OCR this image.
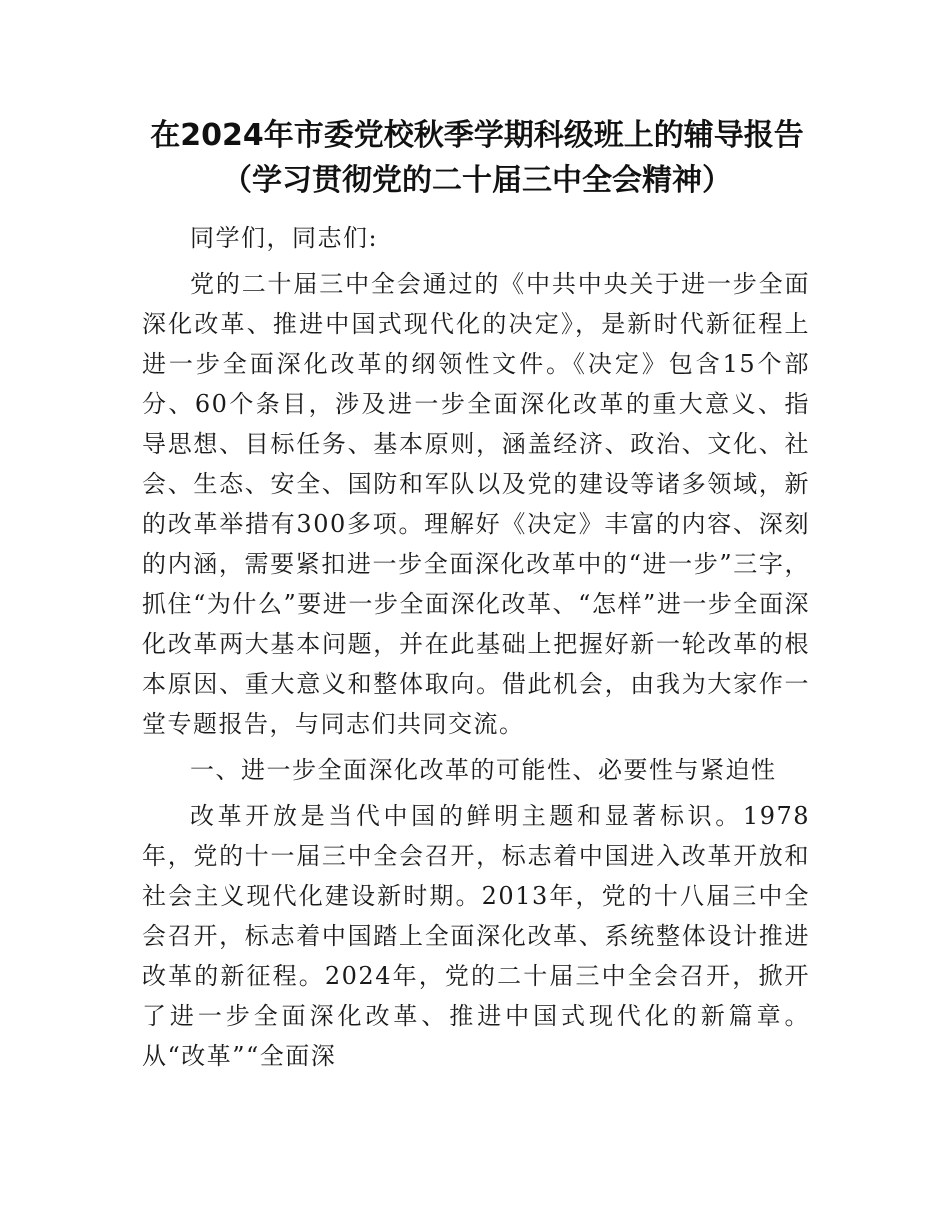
在2024年市委党校秋季学期科级班上的辅导报告（学习贯彻党的二十届三中全会精神）

同学们，同志们:

党的二十届三中全会通过的《中共中央关于进一步全面深化改革、推进中国式现代化的决定》，是新时代新征程上进一步全面深化改革的纲领性文件。《决定》包含15个部分、60个条目，涉及进一步全面深化改革的重大意义、指导思想、目标任务、基本原则，涵盖经济、政治、文化、社会、生态、安全、国防和军队以及党的建设等诸多领域，新的改革举措有300多项。理解好《决定》丰富的内容、深刻的内涵，需要紧扣进一步全面深化改革中的“进一步”三字，抓住“为什么”要进一步全面深化改革、“怎样”进一步全面深化改革两大基本问题，并在此基础上把握好新一轮改革的根本原因、重大意义和整体取向。借此机会，由我为大家作一堂专题报告，与同志们共同交流。

一、进一步全面深化改革的可能性、必要性与紧迫性

改革开放是当代中国的鲜明主题和显著标识。1978年，党的十一届三中全会召开，标志着中国进入改革开放和社会主义现代化建设新时期。2013年，党的十八届三中全会召开，标志着中国踏上全面深化改革、系统整体设计推进改革的新征程。2024年，党的二十届三中全会召开，掀开了进一步全面深化改革、推进中国式现代化的新篇章。从“改革”“全面深
